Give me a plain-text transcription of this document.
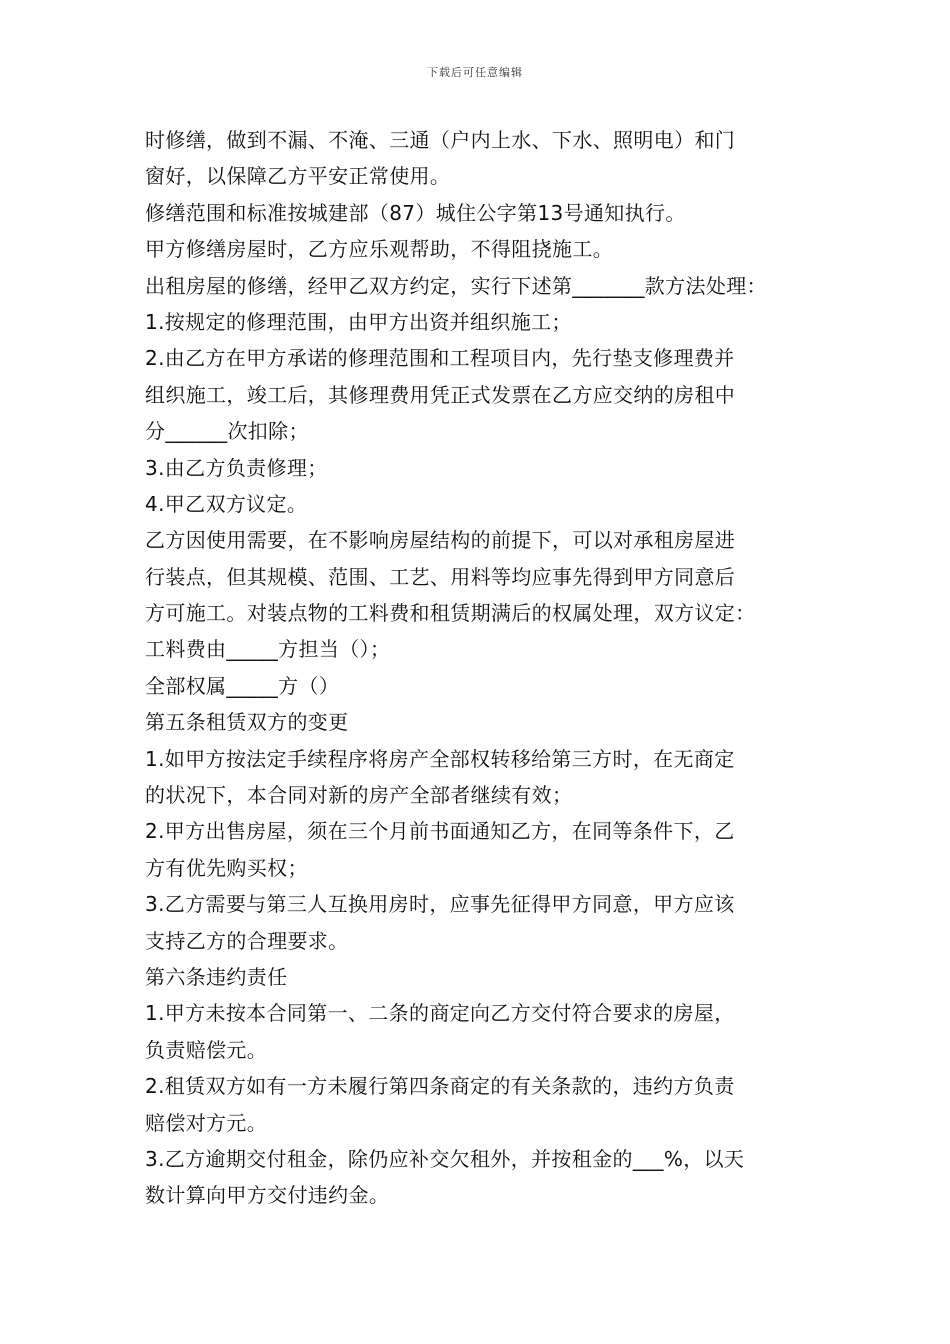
下载后可任意编辑
时修缮，做到不漏、不淹、三通（户内上水、下水、照明电）和门
窗好，以保障乙方平安正常使用。
修缮范围和标准按城建部（87）城住公字第13号通知执行。
甲方修缮房屋时，乙方应乐观帮助，不得阻挠施工。
出租房屋的修缮，经甲乙双方约定，实行下述第_______款方法处理：
1.按规定的修理范围，由甲方出资并组织施工；
2.由乙方在甲方承诺的修理范围和工程项目内，先行垫支修理费并
组织施工，竣工后，其修理费用凭正式发票在乙方应交纳的房租中
分______次扣除；
3.由乙方负责修理；
4.甲乙双方议定。
乙方因使用需要，在不影响房屋结构的前提下，可以对承租房屋进
行装点，但其规模、范围、工艺、用料等均应事先得到甲方同意后
方可施工。对装点物的工料费和租赁期满后的权属处理，双方议定：
工料费由_____方担当（）；
全部权属_____方（）
第五条租赁双方的变更
1.如甲方按法定手续程序将房产全部权转移给第三方时，在无商定
的状况下，本合同对新的房产全部者继续有效；
2.甲方出售房屋，须在三个月前书面通知乙方，在同等条件下，乙
方有优先购买权；
3.乙方需要与第三人互换用房时，应事先征得甲方同意，甲方应该
支持乙方的合理要求。
第六条违约责任
1.甲方未按本合同第一、二条的商定向乙方交付符合要求的房屋，
负责赔偿元。
2.租赁双方如有一方未履行第四条商定的有关条款的，违约方负责
赔偿对方元。
3.乙方逾期交付租金，除仍应补交欠租外，并按租金的___%，以天
数计算向甲方交付违约金。
